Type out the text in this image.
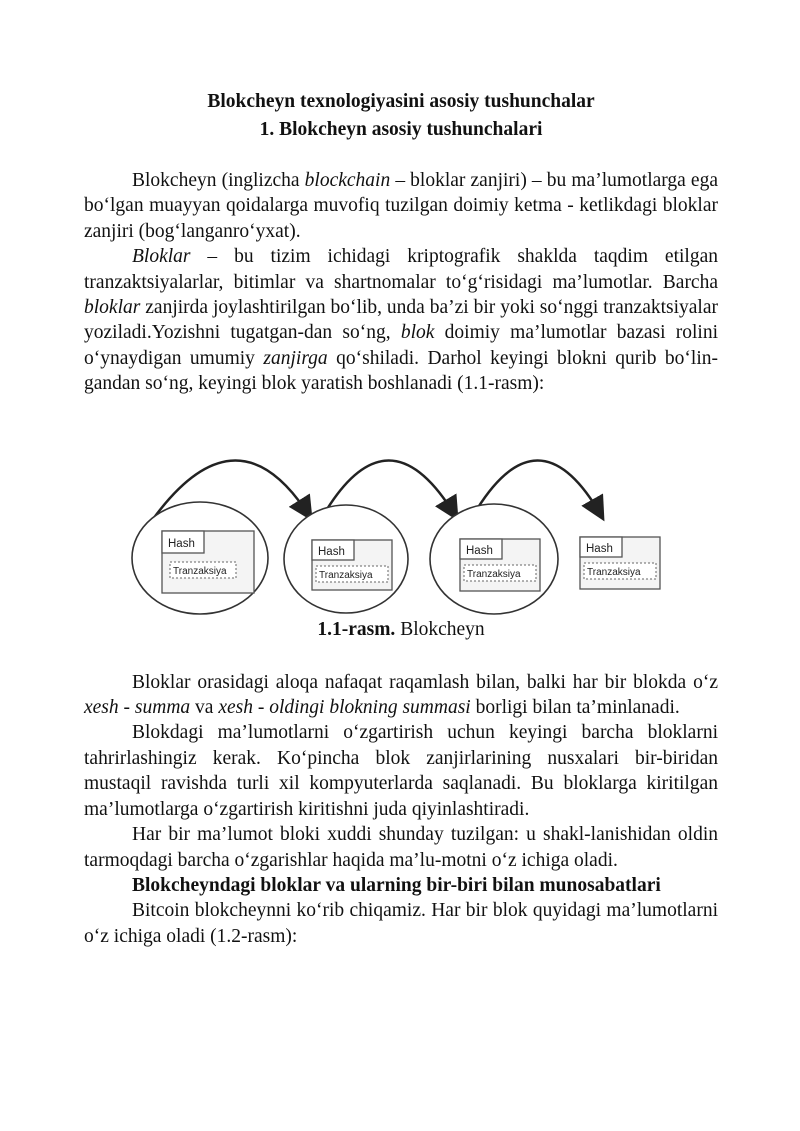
Blokcheyn texnologiyasini asosiy tushunchalar
1. Blokcheyn asosiy tushunchalari

Blokcheyn (inglizcha blockchain – bloklar zanjiri) – bu ma’lumotlarga ega bo‘lgan muayyan qoidalarga muvofiq tuzilgan doimiy ketma - ketlikdagi bloklar zanjiri (bog‘langanro‘yxat).

Bloklar – bu tizim ichidagi kriptografik shaklda taqdim etilgan tranzaktsiyalarlar, bitimlar va shartnomalar to‘g‘risidagi ma’lumotlar. Barcha bloklar zanjirda joylashtirilgan bo‘lib, unda ba’zi bir yoki so‘nggi tranzaktsiyalar yoziladi.Yozishni tugatgan-dan so‘ng, blok doimiy ma’lumotlar bazasi rolini o‘ynaydigan umumiy zanjirga qo‘shiladi. Darhol keyingi blokni qurib bo‘lin-gandan so‘ng, keyingi blok yaratish boshlanadi (1.1-rasm):

Hash
Tranzaksiya
Hash
Tranzaksiya
Hash
Tranzaksiya
Hash
Tranzaksiya
1.1-rasm. Blokcheyn

Bloklar orasidagi aloqa nafaqat raqamlash bilan, balki har bir blokda o‘z xesh - summa va xesh - oldingi blokning summasi borligi bilan ta’minlanadi.

Blokdagi ma’lumotlarni o‘zgartirish uchun keyingi barcha bloklarni tahrirlashingiz kerak. Ko‘pincha blok zanjirlarining nusxalari bir-biridan mustaqil ravishda turli xil kompyuterlarda saqlanadi. Bu bloklarga kiritilgan ma’lumotlarga o‘zgartirish kiritishni juda qiyinlashtiradi.

Har bir ma’lumot bloki xuddi shunday tuzilgan: u shakl-lanishidan oldin tarmoqdagi barcha o‘zgarishlar haqida ma’lu-motni o‘z ichiga oladi.

Blokcheyndagi bloklar va ularning bir-biri bilan munosabatlari

Bitcoin blokcheynni ko‘rib chiqamiz. Har bir blok quyidagi ma’lumotlarni o‘z ichiga oladi (1.2-rasm):
